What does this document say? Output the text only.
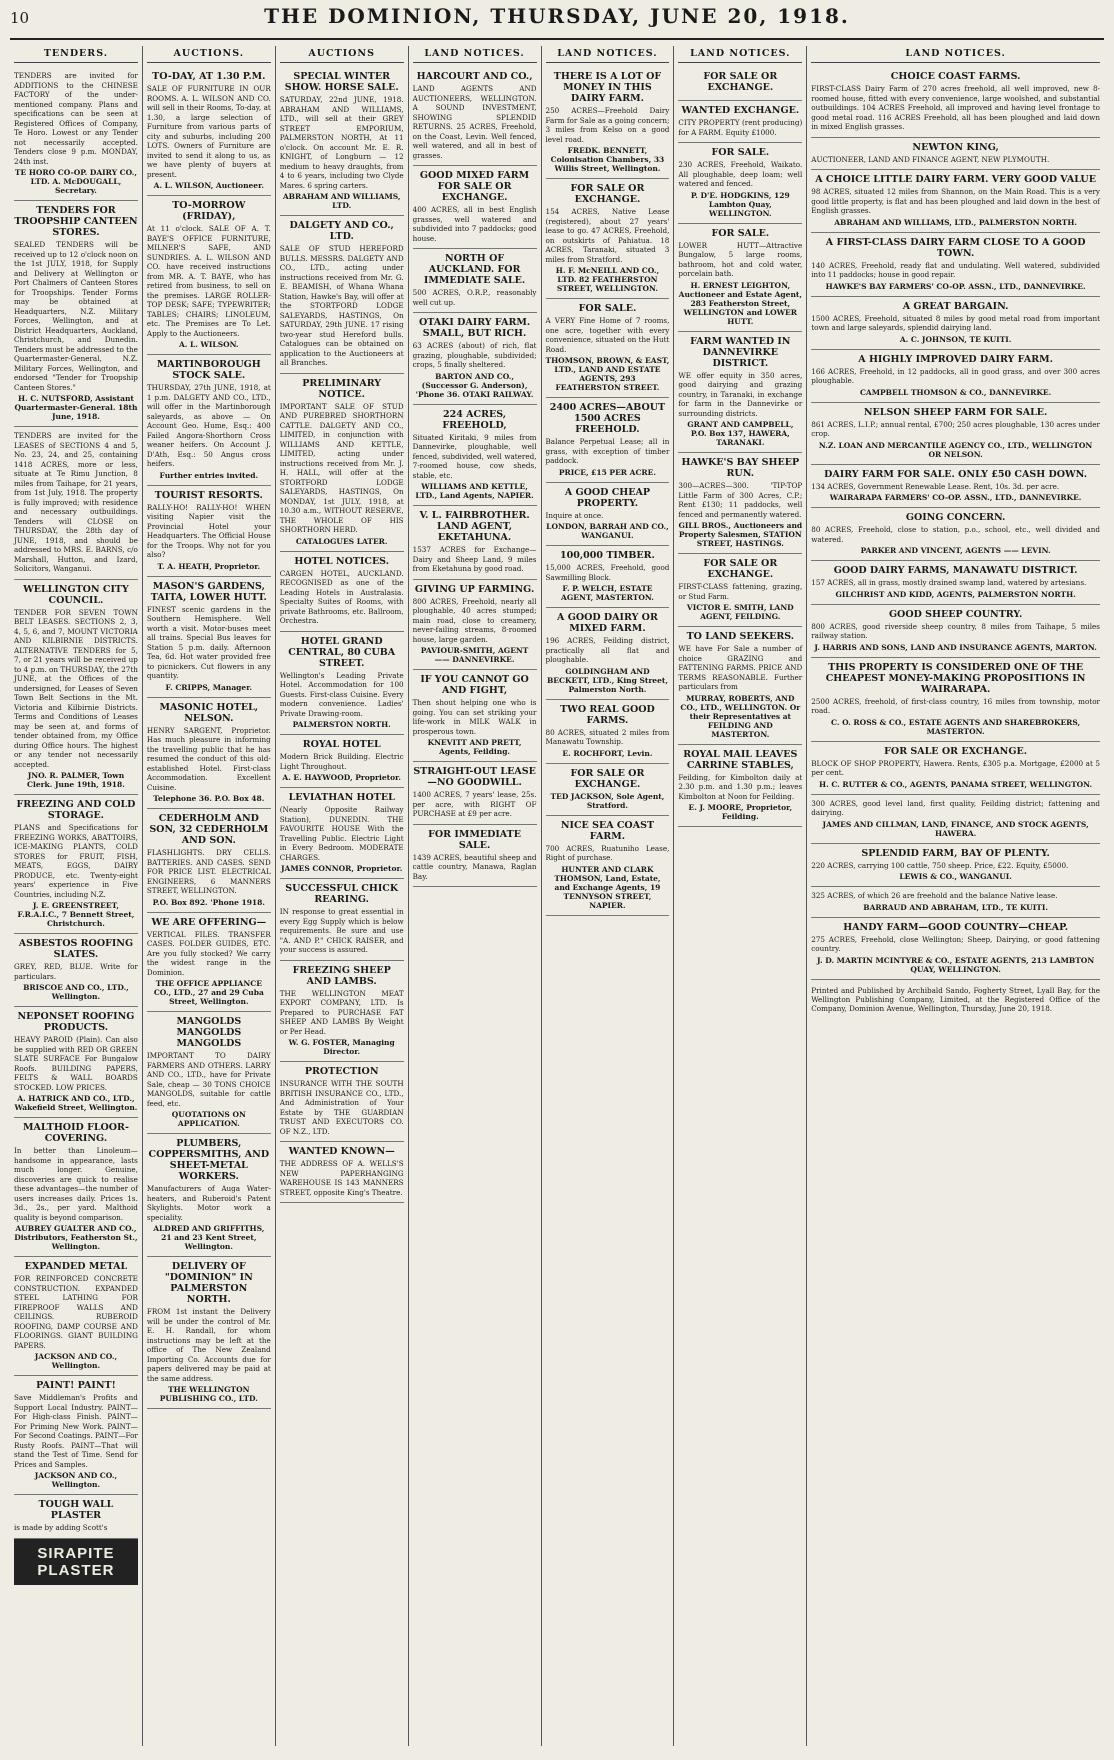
10	THE DOMINION, THURSDAY, JUNE 20, 1918.
TENDERS.
TENDERS are invited for ADDITIONS to the CHINESE FACTORY of the under-mentioned company. Plans and specifications can be seen at Registered Offices of Company, Te Horo. Lowest or any Tender not necessarily accepted. Tenders close 9 p.m. MONDAY, 24th inst.
TE HORO CO-OP. DAIRY CO., LTD. A. McDOUGALL, Secretary.
TENDERS FOR TROOPSHIP CANTEEN STORES.
SEALED TENDERS will be received up to 12 o'clock noon on the 1st JULY, 1918, for Supply and Delivery at Wellington or Port Chalmers of Canteen Stores for Troopships. Tender Forms may be obtained at Headquarters, N.Z. Military Forces, Wellington, and at District Headquarters, Auckland, Christchurch, and Dunedin. Tenders must be addressed to the Quartermaster-General, N.Z. Military Forces, Wellington, and endorsed "Tender for Troopship Canteen Stores."
H. C. NUTSFORD, Assistant Quartermaster-General. 18th June, 1918.
TENDERS are invited for the LEASES of SECTIONS 4 and 5, No. 23, 24, and 25, containing 1418 ACRES, more or less, situate at Te Rimu Junction, 8 miles from Taihape, for 21 years, from 1st July, 1918. The property is fully improved; with residence and necessary outbuildings. Tenders will CLOSE on THURSDAY, the 28th day of JUNE, 1918, and should be addressed to MRS. E. BARNS, c/o Marshall, Hutton, and Izard, Solicitors, Wanganui.
WELLINGTON CITY COUNCIL.
TENDER FOR SEVEN TOWN BELT LEASES. SECTIONS 2, 3, 4, 5, 6, and 7, MOUNT VICTORIA AND KILBIRNIE DISTRICTS. ALTERNATIVE TENDERS for 5, 7, or 21 years will be received up to 4 p.m. on THURSDAY, the 27th JUNE, at the Offices of the undersigned, for Leases of Seven Town Belt Sections in the Mt. Victoria and Kilbirnie Districts. Terms and Conditions of Leases may be seen at, and forms of tender obtained from, my Office during Office hours. The highest or any tender not necessarily accepted.
JNO. R. PALMER, Town Clerk. June 19th, 1918.
FREEZING AND COLD STORAGE.
PLANS and Specifications for FREEZING WORKS, ABATTOIRS, ICE-MAKING PLANTS, COLD STORES for FRUIT, FISH, MEATS, EGGS, DAIRY PRODUCE, etc. Twenty-eight years' experience in Five Countries, including N.Z.
J. E. GREENSTREET, F.R.A.I.C., 7 Bennett Street, Christchurch.
ASBESTOS ROOFING SLATES.
GREY, RED, BLUE. Write for particulars.
BRISCOE AND CO., LTD., Wellington.
NEPONSET ROOFING PRODUCTS.
HEAVY PAROID (Plain). Can also be supplied with RED OR GREEN SLATE SURFACE For Bungalow Roofs. BUILDING PAPERS, FELTS & WALL BOARDS STOCKED. LOW PRICES.
A. HATRICK AND CO., LTD., Wakefield Street, Wellington.
MALTHOID FLOOR-COVERING.
In better than Linoleum—handsome in appearance, lasts much longer. Genuine, discoveries are quick to realise these advantages—the number of users increases daily. Prices 1s. 3d., 2s., per yard. Malthoid quality is beyond comparison.
AUBREY GUALTER AND CO., Distributors, Featherston St., Wellington.
EXPANDED METAL
FOR REINFORCED CONCRETE CONSTRUCTION. EXPANDED STEEL LATHING FOR FIREPROOF WALLS AND CEILINGS. RUBEROID ROOFING, DAMP COURSE AND FLOORINGS. GIANT BUILDING PAPERS.
JACKSON AND CO., Wellington.
PAINT! PAINT!
Save Middleman's Profits and Support Local Industry. PAINT—For High-class Finish. PAINT—For Priming New Work. PAINT—For Second Coatings. PAINT—For Rusty Roofs. PAINT—That will stand the Test of Time. Send for Prices and Samples.
JACKSON AND CO., Wellington.
TOUGH WALL PLASTER
is made by adding Scott's
SIRAPITE PLASTER
AUCTIONS.
TO-DAY, AT 1.30 P.M.
SALE OF FURNITURE IN OUR ROOMS. A. L. WILSON AND CO. will sell in their Rooms, To-day, at 1.30, a large selection of Furniture from various parts of city and suburbs, including 200 LOTS. Owners of Furniture are invited to send it along to us, as we have plenty of buyers at present.
A. L. WILSON, Auctioneer.
TO-MORROW (FRIDAY),
At 11 o'clock. SALE OF A. T. BAYE'S OFFICE FURNITURE, MILNER'S SAFE, AND SUNDRIES. A. L. WILSON AND CO. have received instructions from MR. A. T. BAYE, who has retired from business, to sell on the premises. LARGE ROLLER-TOP DESK; SAFE; TYPEWRITER; TABLES; CHAIRS; LINOLEUM, etc. The Premises are To Let. Apply to the Auctioneers.
A. L. WILSON.
MARTINBOROUGH STOCK SALE.
THURSDAY, 27th JUNE, 1918, at 1 p.m. DALGETY AND CO., LTD., will offer in the Martinborough saleyards, as above — On Account Geo. Hume, Esq.: 400 Failed Angora-Shorthorn Cross weaner heifers. On Account J. D'Ath, Esq.: 50 Angus cross heifers.
Further entries invited.
TOURIST RESORTS.
RALLY-HO! RALLY-HO! WHEN visiting Napier visit the Provincial Hotel your Headquarters. The Official House for the Troops. Why not for you also?
T. A. HEATH, Proprietor.
MASON'S GARDENS, TAITA, LOWER HUTT.
FINEST scenic gardens in the Southern Hemisphere. Well worth a visit. Motor-buses meet all trains. Special Bus leaves for Station 5 p.m. daily. Afternoon Tea, 6d. Hot water provided free to picnickers. Cut flowers in any quantity.
F. CRIPPS, Manager.
MASONIC HOTEL, NELSON.
HENRY SARGENT, Proprietor. Has much pleasure in informing the travelling public that he has resumed the conduct of this old-established Hotel. First-class Accommodation. Excellent Cuisine.
Telephone 36. P.O. Box 48.
CEDERHOLM AND SON, 32 CEDERHOLM AND SON.
FLASHLIGHTS. DRY CELLS. BATTERIES. AND CASES. SEND FOR PRICE LIST. ELECTRICAL ENGINEERS, 6 MANNERS STREET, WELLINGTON.
P.O. Box 892. 'Phone 1918.
WE ARE OFFERING—
VERTICAL FILES. TRANSFER CASES. FOLDER GUIDES, ETC. Are you fully stocked? We carry the widest range in the Dominion.
THE OFFICE APPLIANCE CO., LTD., 27 and 29 Cuba Street, Wellington.
MANGOLDS MANGOLDS MANGOLDS
IMPORTANT TO DAIRY FARMERS AND OTHERS. LARRY AND CO., LTD., have for Private Sale, cheap — 30 TONS CHOICE MANGOLDS, suitable for cattle feed, etc.
QUOTATIONS ON APPLICATION.
PLUMBERS, COPPERSMITHS, AND SHEET-METAL WORKERS.
Manufacturers of Auga Water-heaters, and Ruberoid's Patent Skylights. Motor work a speciality.
ALDRED AND GRIFFITHS, 21 and 23 Kent Street, Wellington.
DELIVERY OF "DOMINION" IN PALMERSTON NORTH.
FROM 1st instant the Delivery will be under the control of Mr. E. H. Randall, for whom instructions may be left at the office of The New Zealand Importing Co. Accounts due for papers delivered may be paid at the same address.
THE WELLINGTON PUBLISHING CO., LTD.
AUCTIONS
SPECIAL WINTER SHOW. HORSE SALE.
SATURDAY, 22nd JUNE, 1918. ABRAHAM AND WILLIAMS, LTD., will sell at their GREY STREET EMPORIUM, PALMERSTON NORTH, At 11 o'clock. On account Mr. E. R. KNIGHT, of Longburn — 12 medium to heavy draughts, from 4 to 6 years, including two Clyde Mares. 6 spring carters.
ABRAHAM AND WILLIAMS, LTD.
DALGETY AND CO., LTD.
SALE OF STUD HEREFORD BULLS. MESSRS. DALGETY AND CO., LTD., acting under instructions received from Mr. G. E. BEAMISH, of Whana Whana Station, Hawke's Bay, will offer at the STORTFORD LODGE SALEYARDS, HASTINGS, On SATURDAY, 29th JUNE. 17 rising two-year stud Hereford bulls. Catalogues can be obtained on application to the Auctioneers at all Branches.
PRELIMINARY NOTICE.
IMPORTANT SALE OF STUD AND PUREBRED SHORTHORN CATTLE. DALGETY AND CO., LIMITED, in conjunction with WILLIAMS AND KETTLE, LIMITED, acting under instructions received from Mr. J. H. HALL, will offer at the STORTFORD LODGE SALEYARDS, HASTINGS, On MONDAY, 1st JULY, 1918, at 10.30 a.m., WITHOUT RESERVE, THE WHOLE OF HIS SHORTHORN HERD.
CATALOGUES LATER.
HOTEL NOTICES.
CARGEN HOTEL, AUCKLAND. RECOGNISED as one of the Leading Hotels in Australasia. Specialty Suites of Rooms, with private Bathrooms, etc. Ballroom, Orchestra.
HOTEL GRAND CENTRAL, 80 CUBA STREET.
Wellington's Leading Private Hotel. Accommodation for 100 Guests. First-class Cuisine. Every modern convenience. Ladies' Private Drawing-room.
PALMERSTON NORTH.
ROYAL HOTEL
Modern Brick Building. Electric Light Throughout.
A. E. HAYWOOD, Proprietor.
LEVIATHAN HOTEL
(Nearly Opposite Railway Station), DUNEDIN. THE FAVOURITE HOUSE With the Travelling Public. Electric Light in Every Bedroom. MODERATE CHARGES.
JAMES CONNOR, Proprietor.
SUCCESSFUL CHICK REARING.
IN response to great essential in every Egg Supply which is below requirements. Be sure and use "A. AND P." CHICK RAISER, and your success is assured.
FREEZING SHEEP AND LAMBS.
THE WELLINGTON MEAT EXPORT COMPANY, LTD. Is Prepared to PURCHASE FAT SHEEP AND LAMBS By Weight or Per Head.
W. G. FOSTER, Managing Director.
PROTECTION
INSURANCE WITH THE SOUTH BRITISH INSURANCE CO., LTD., And Administration of Your Estate by THE GUARDIAN TRUST AND EXECUTORS CO. OF N.Z., LTD.
WANTED KNOWN—
THE ADDRESS OF A. WELLS'S NEW PAPERHANGING WAREHOUSE IS 143 MANNERS STREET, opposite King's Theatre.
LAND NOTICES.
HARCOURT AND CO.,
LAND AGENTS AND AUCTIONEERS, WELLINGTON. A SOUND INVESTMENT, SHOWING SPLENDID RETURNS. 25 ACRES, Freehold, on the Coast, Levin. Well fenced, well watered, and all in best of grasses.
GOOD MIXED FARM FOR SALE OR EXCHANGE.
400 ACRES, all in best English grasses, well watered and subdivided into 7 paddocks; good house.
NORTH OF AUCKLAND. FOR IMMEDIATE SALE.
500 ACRES, O.R.P., reasonably well cut up.
OTAKI DAIRY FARM. SMALL, BUT RICH.
63 ACRES (about) of rich, flat grazing, ploughable, subdivided; crops, 5 finally sheltered.
BARTON AND CO., (Successor G. Anderson), 'Phone 36. OTAKI RAILWAY.
224 ACRES, FREEHOLD,
Situated Kiritaki, 9 miles from Dannevirke, ploughable, well fenced, subdivided, well watered, 7-roomed house, cow sheds, stable, etc.
WILLIAMS AND KETTLE, LTD., Land Agents, NAPIER.
V. L. FAIRBROTHER. LAND AGENT, EKETAHUNA.
1537 ACRES for Exchange—Dairy and Sheep Land, 9 miles from Eketahuna by good road.
GIVING UP FARMING.
800 ACRES, Freehold, nearly all ploughable, 40 acres stumped; main road, close to creamery, never-failing streams, 8-roomed house, large garden.
PAVIOUR-SMITH, AGENT —— DANNEVIRKE.
IF YOU CANNOT GO AND FIGHT,
Then shout helping one who is going. You can set striking your life-work in MILK WALK in prosperous town.
KNEVITT AND PRETT, Agents, Feilding.
STRAIGHT-OUT LEASE—NO GOODWILL.
1400 ACRES, 7 years' lease, 25s. per acre, with RIGHT OF PURCHASE at £9 per acre.
FOR IMMEDIATE SALE.
1439 ACRES, beautiful sheep and cattle country, Manawa, Raglan Bay.
LAND NOTICES.
THERE IS A LOT OF MONEY IN THIS DAIRY FARM.
250 ACRES—Freehold Dairy Farm for Sale as a going concern; 3 miles from Kelso on a good level road.
FREDK. BENNETT, Colonisation Chambers, 33 Willis Street, Wellington.
FOR SALE OR EXCHANGE.
154 ACRES, Native Lease (registered), about 27 years' lease to go. 47 ACRES, Freehold, on outskirts of Pahiatua. 18 ACRES, Taranaki, situated 3 miles from Stratford.
H. F. McNEILL AND CO., LTD. 82 FEATHERSTON STREET, WELLINGTON.
FOR SALE.
A VERY Fine Home of 7 rooms, one acre, together with every convenience, situated on the Hutt Road.
THOMSON, BROWN, & EAST, LTD., LAND AND ESTATE AGENTS, 293 FEATHERSTON STREET.
2400 ACRES—ABOUT 1500 ACRES FREEHOLD.
Balance Perpetual Lease; all in grass, with exception of timber paddock.
PRICE, £15 PER ACRE.
A GOOD CHEAP PROPERTY.
Inquire at once.
LONDON, BARRAH AND CO., WANGANUI.
100,000 TIMBER.
15,000 ACRES, Freehold, good Sawmilling Block.
F. P. WELCH, ESTATE AGENT, MASTERTON.
A GOOD DAIRY OR MIXED FARM.
196 ACRES, Feilding district, practically all flat and ploughable.
GOLDINGHAM AND BECKETT, LTD., King Street, Palmerston North.
TWO REAL GOOD FARMS.
80 ACRES, situated 2 miles from Manawatu Township.
E. ROCHFORT, Levin.
FOR SALE OR EXCHANGE.
TED JACKSON, Sole Agent, Stratford.
NICE SEA COAST FARM.
700 ACRES, Ruatuniho Lease, Right of purchase.
HUNTER AND CLARK THOMSON, Land, Estate, and Exchange Agents, 19 TENNYSON STREET, NAPIER.
LAND NOTICES.
FOR SALE OR EXCHANGE.
WANTED EXCHANGE.
CITY PROPERTY (rent producing) for A FARM. Equity £1000.
FOR SALE.
230 ACRES, Freehold, Waikato. All ploughable, deep loam; well watered and fenced.
P. D'E. HODGKINS, 129 Lambton Quay, WELLINGTON.
FOR SALE.
LOWER HUTT—Attractive Bungalow, 5 large rooms, bathroom, hot and cold water, porcelain bath.
H. ERNEST LEIGHTON, Auctioneer and Estate Agent, 283 Featherston Street, WELLINGTON and LOWER HUTT.
FARM WANTED IN DANNEVIRKE DISTRICT.
WE offer equity in 350 acres, good dairying and grazing country, in Taranaki, in exchange for farm in the Dannevirke or surrounding districts.
GRANT AND CAMPBELL, P.O. Box 137, HAWERA, TARANAKI.
HAWKE'S BAY SHEEP RUN.
300—ACRES—300. 'TIP-TOP Little Farm of 300 Acres, C.P.; Rent £130; 11 paddocks, well fenced and permanently watered.
GILL BROS., Auctioneers and Property Salesmen, STATION STREET, HASTINGS.
FOR SALE OR EXCHANGE.
FIRST-CLASS fattening, grazing, or Stud Farm.
VICTOR E. SMITH, LAND AGENT, FEILDING.
TO LAND SEEKERS.
WE have For Sale a number of choice GRAZING and FATTENING FARMS. PRICE AND TERMS REASONABLE. Further particulars from
MURRAY, ROBERTS, AND CO., LTD., WELLINGTON. Or their Representatives at FEILDING AND MASTERTON.
ROYAL MAIL LEAVES CARRINE STABLES,
Feilding, for Kimbolton daily at 2.30 p.m. and 1.30 p.m.; leaves Kimbolton at Noon for Feilding.
E. J. MOORE, Proprietor, Feilding.
LAND NOTICES.
CHOICE COAST FARMS.
FIRST-CLASS Dairy Farm of 270 acres freehold, all well improved, new 8-roomed house, fitted with every convenience, large woolshed, and substantial outbuildings. 104 ACRES Freehold, all improved and having level frontage to good metal road. 116 ACRES Freehold, all has been ploughed and laid down in mixed English grasses.
NEWTON KING,
AUCTIONEER, LAND AND FINANCE AGENT, NEW PLYMOUTH.
A CHOICE LITTLE DAIRY FARM. VERY GOOD VALUE
98 ACRES, situated 12 miles from Shannon, on the Main Road. This is a very good little property, is flat and has been ploughed and laid down in the best of English grasses.
ABRAHAM AND WILLIAMS, LTD., PALMERSTON NORTH.
A FIRST-CLASS DAIRY FARM CLOSE TO A GOOD TOWN.
140 ACRES, Freehold, ready flat and undulating. Well watered, subdivided into 11 paddocks; house in good repair.
HAWKE'S BAY FARMERS' CO-OP. ASSN., LTD., DANNEVIRKE.
A GREAT BARGAIN.
1500 ACRES, Freehold, situated 8 miles by good metal road from important town and large saleyards, splendid dairying land.
A. C. JOHNSON, TE KUITI.
A HIGHLY IMPROVED DAIRY FARM.
166 ACRES, Freehold, in 12 paddocks, all in good grass, and over 300 acres ploughable.
CAMPBELL THOMSON & CO., DANNEVIRKE.
NELSON SHEEP FARM FOR SALE.
861 ACRES, L.I.P.; annual rental, £700; 250 acres ploughable, 130 acres under crop.
N.Z. LOAN AND MERCANTILE AGENCY CO., LTD., WELLINGTON OR NELSON.
DAIRY FARM FOR SALE. ONLY £50 CASH DOWN.
134 ACRES, Government Renewable Lease. Rent, 10s. 3d. per acre.
WAIRARAPA FARMERS' CO-OP. ASSN., LTD., DANNEVIRKE.
GOING CONCERN.
80 ACRES, Freehold, close to station, p.o., school, etc., well divided and watered.
PARKER AND VINCENT, AGENTS —— LEVIN.
GOOD DAIRY FARMS, MANAWATU DISTRICT.
157 ACRES, all in grass, mostly drained swamp land, watered by artesians.
GILCHRIST AND KIDD, AGENTS, PALMERSTON NORTH.
GOOD SHEEP COUNTRY.
800 ACRES, good riverside sheep country, 8 miles from Taihape, 5 miles railway station.
J. HARRIS AND SONS, LAND AND INSURANCE AGENTS, MARTON.
THIS PROPERTY IS CONSIDERED ONE OF THE CHEAPEST MONEY-MAKING PROPOSITIONS IN WAIRARAPA.
2500 ACRES, freehold, of first-class country, 16 miles from township, motor road.
C. O. ROSS & CO., ESTATE AGENTS AND SHAREBROKERS, MASTERTON.
FOR SALE OR EXCHANGE.
BLOCK OF SHOP PROPERTY, Hawera. Rents, £305 p.a. Mortgage, £2000 at 5 per cent.
H. C. RUTTER & CO., AGENTS, PANAMA STREET, WELLINGTON.
300 ACRES, good level land, first quality, Feilding district; fattening and dairying.
JAMES AND CILLMAN, LAND, FINANCE, AND STOCK AGENTS, HAWERA.
SPLENDID FARM, BAY OF PLENTY.
220 ACRES, carrying 100 cattle, 750 sheep. Price, £22. Equity, £5000.
LEWIS & CO., WANGANUI.
325 ACRES, of which 26 are freehold and the balance Native lease.
BARRAUD AND ABRAHAM, LTD., TE KUITI.
HANDY FARM—GOOD COUNTRY—CHEAP.
275 ACRES, Freehold, close Wellington; Sheep, Dairying, or good fattening country.
J. D. MARTIN MCINTYRE & CO., ESTATE AGENTS, 213 LAMBTON QUAY, WELLINGTON.
Printed and Published by Archibald Sando, Fogherty Street, Lyall Bay, for the Wellington Publishing Company, Limited, at the Registered Office of the Company, Dominion Avenue, Wellington, Thursday, June 20, 1918.
